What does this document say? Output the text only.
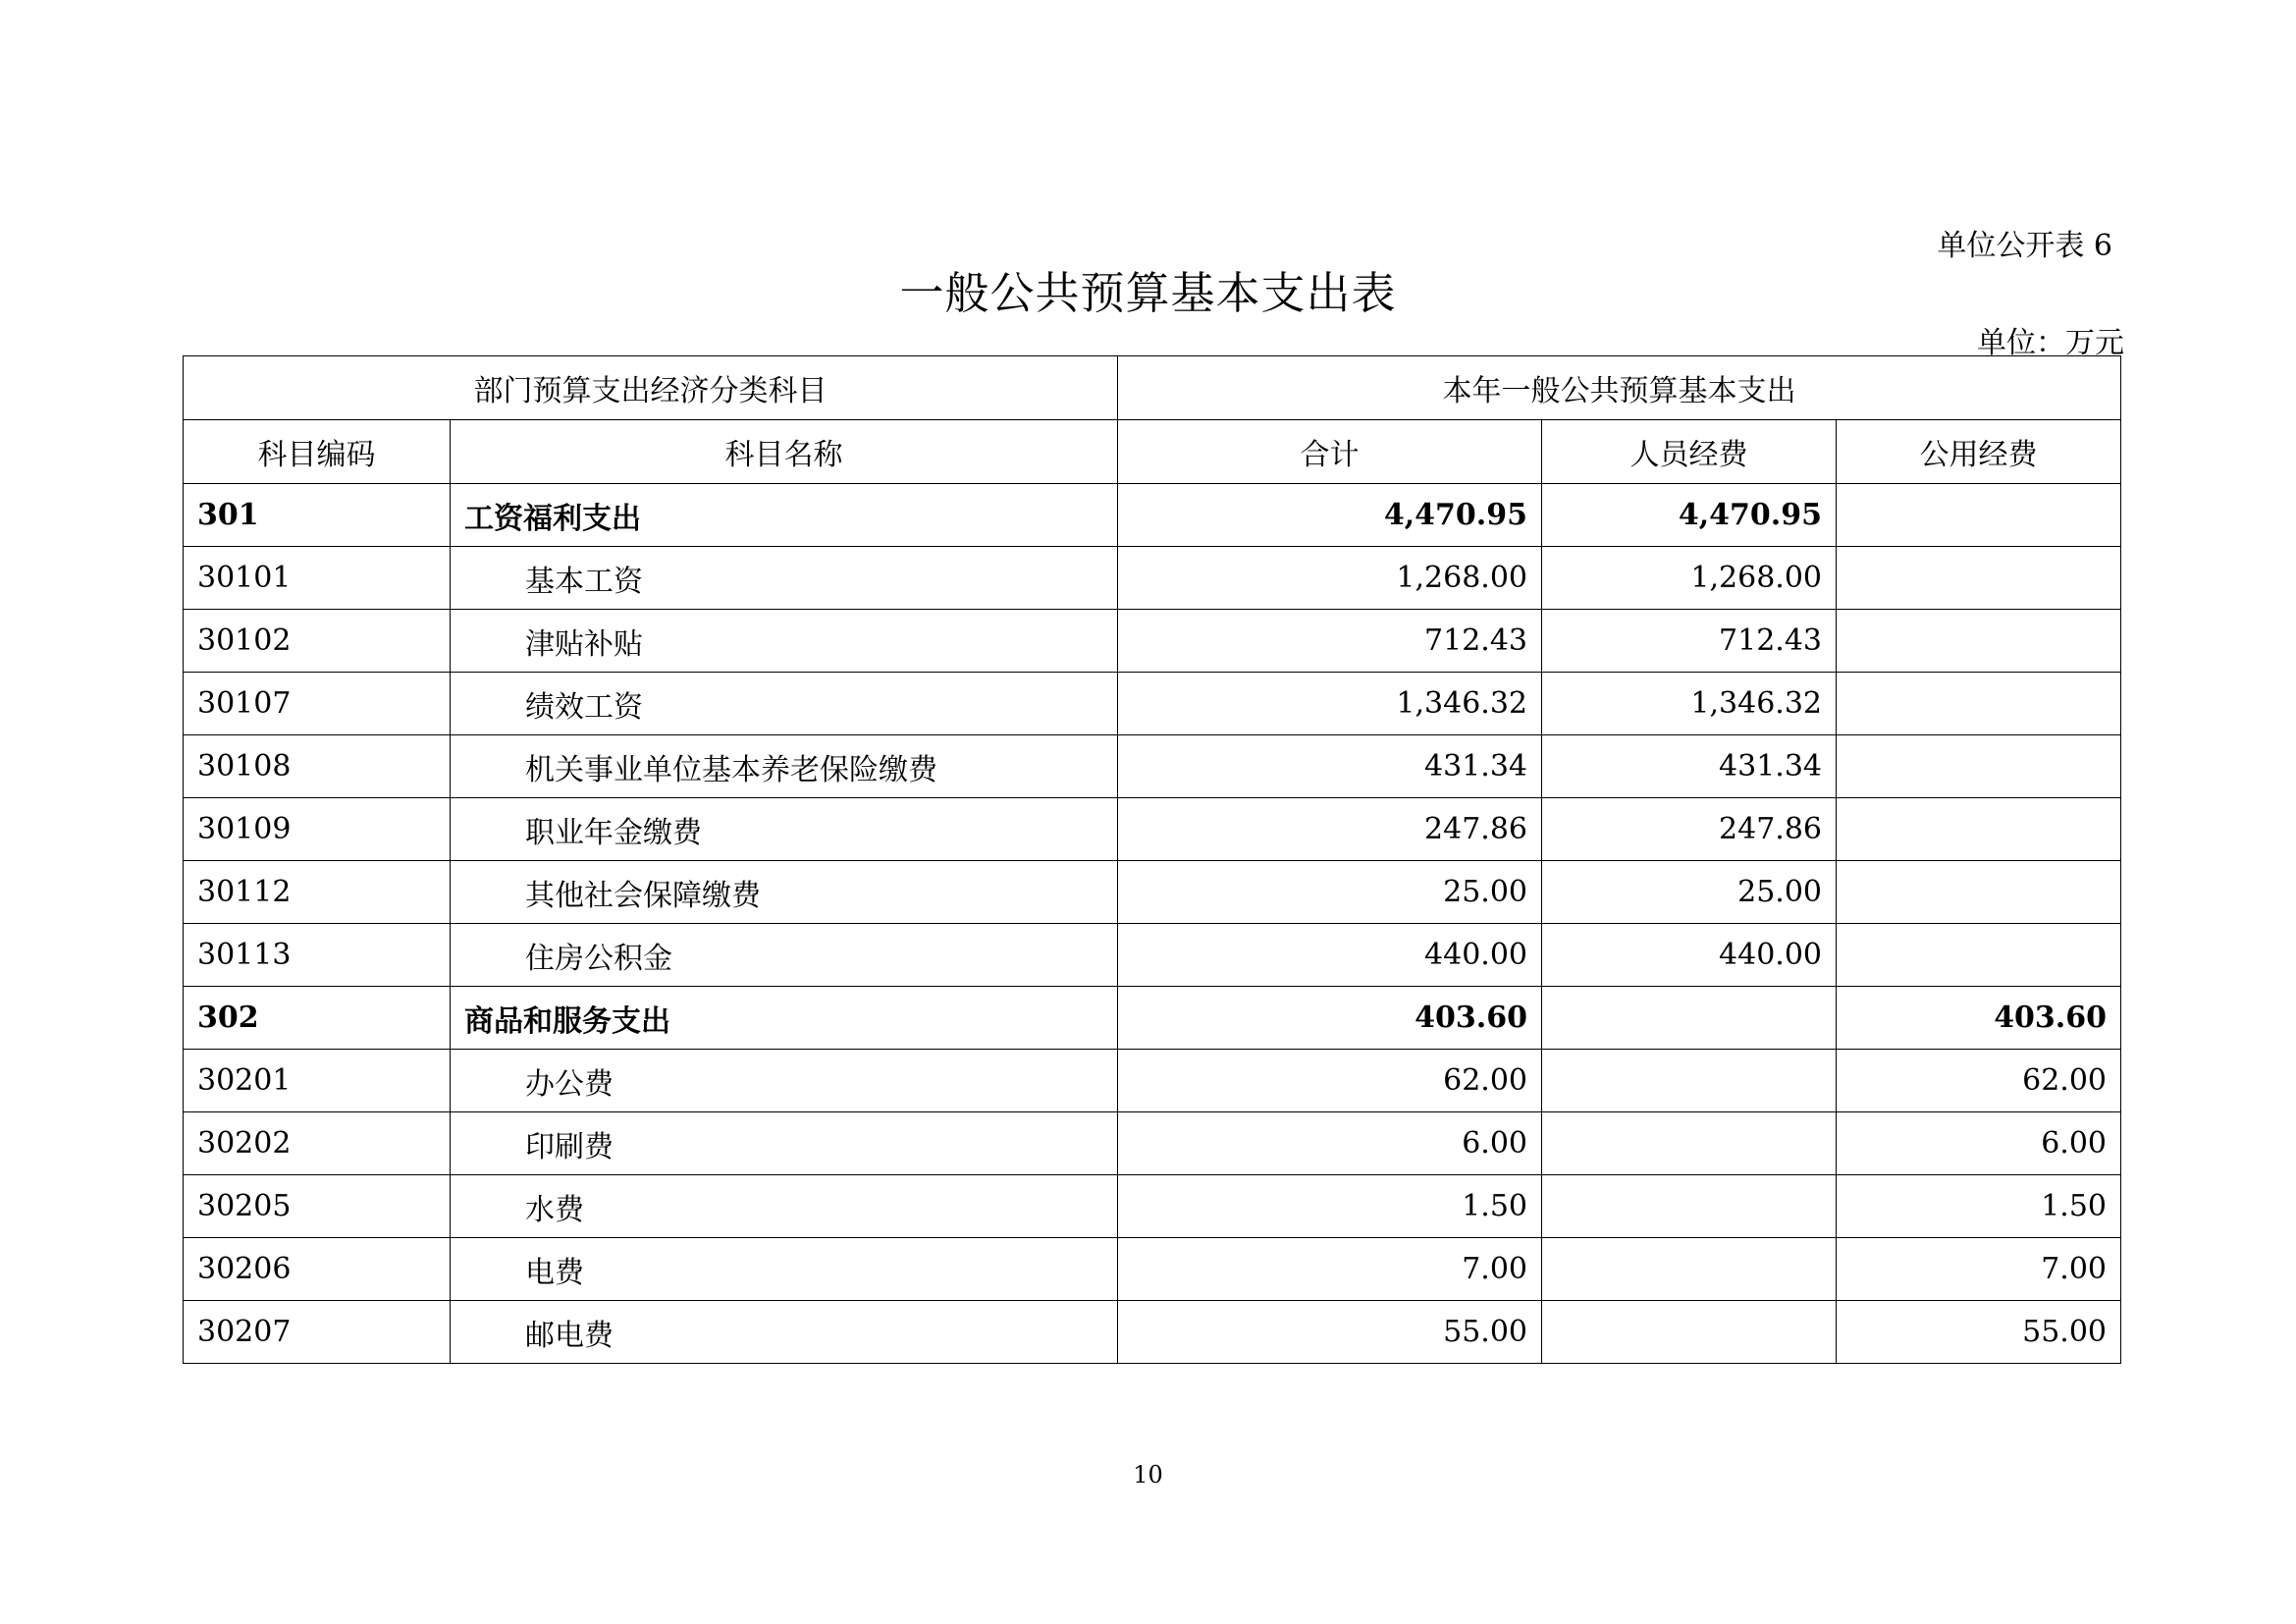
单位公开表 6
一般公共预算基本支出表
单位：万元
部门预算支出经济分类科目		本年一般公共预算基本支出		
科目编码	科目名称	合计	人员经费	公用经费
301	工资福利支出	4,470.95	4,470.95	
30101	基本工资	1,268.00	1,268.00	
30102	津贴补贴	712.43	712.43	
30107	绩效工资	1,346.32	1,346.32	
30108	机关事业单位基本养老保险缴费	431.34	431.34	
30109	职业年金缴费	247.86	247.86	
30112	其他社会保障缴费	25.00	25.00	
30113	住房公积金	440.00	440.00	
302	商品和服务支出	403.60		403.60
30201	办公费	62.00		62.00
30202	印刷费	6.00		6.00
30205	水费	1.50		1.50
30206	电费	7.00		7.00
30207	邮电费	55.00		55.00
10
